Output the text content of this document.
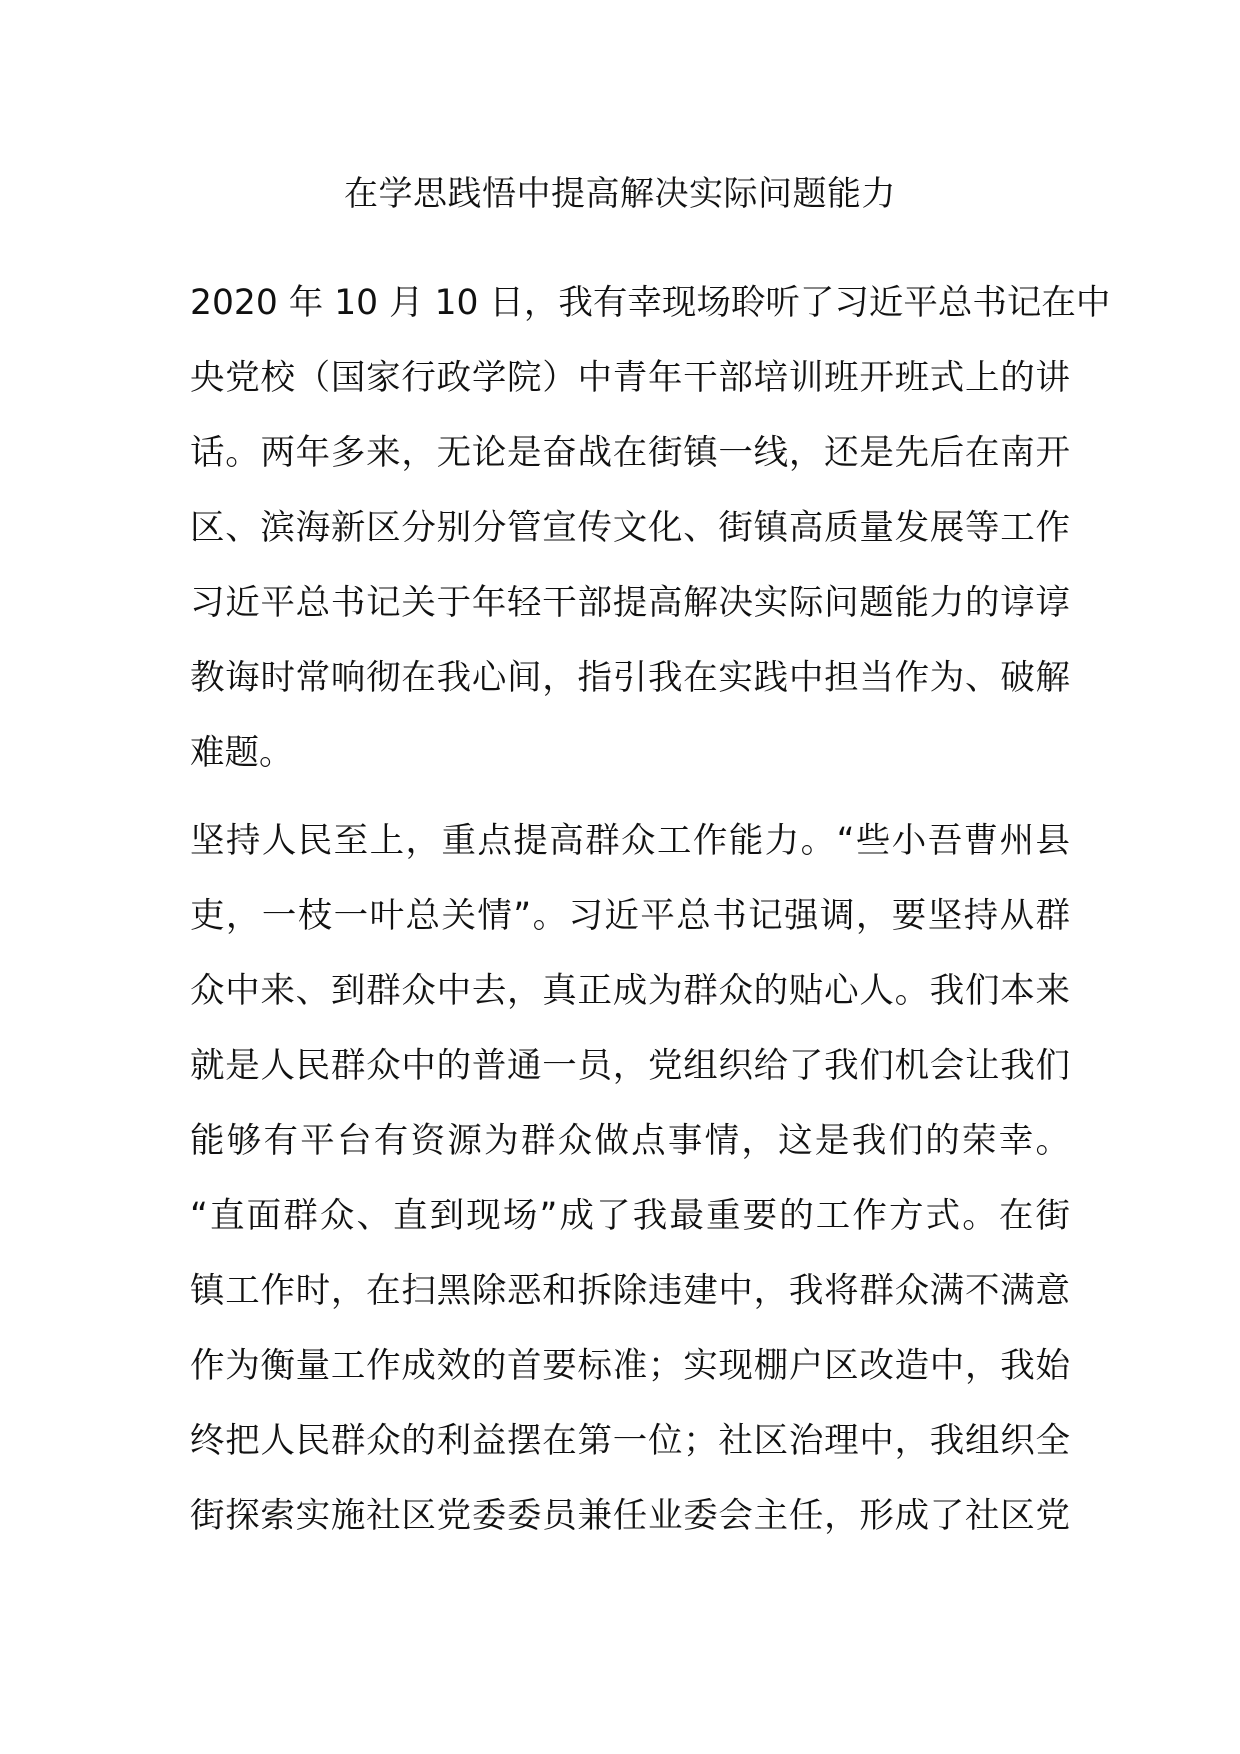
在学思践悟中提高解决实际问题能力
2020 年 10 月 10 日，我有幸现场聆听了习近平总书记在中
央党校（国家行政学院）中青年干部培训班开班式上的讲
话。两年多来，无论是奋战在街镇一线，还是先后在南开
区、滨海新区分别分管宣传文化、街镇高质量发展等工作
习近平总书记关于年轻干部提高解决实际问题能力的谆谆
教诲时常响彻在我心间，指引我在实践中担当作为、破解
难题。
坚持人民至上，重点提高群众工作能力。“些小吾曹州县
吏，一枝一叶总关情”。习近平总书记强调，要坚持从群
众中来、到群众中去，真正成为群众的贴心人。我们本来
就是人民群众中的普通一员，党组织给了我们机会让我们
能够有平台有资源为群众做点事情，这是我们的荣幸。
“直面群众、直到现场”成了我最重要的工作方式。在街
镇工作时，在扫黑除恶和拆除违建中，我将群众满不满意
作为衡量工作成效的首要标准；实现棚户区改造中，我始
终把人民群众的利益摆在第一位；社区治理中，我组织全
街探索实施社区党委委员兼任业委会主任，形成了社区党
